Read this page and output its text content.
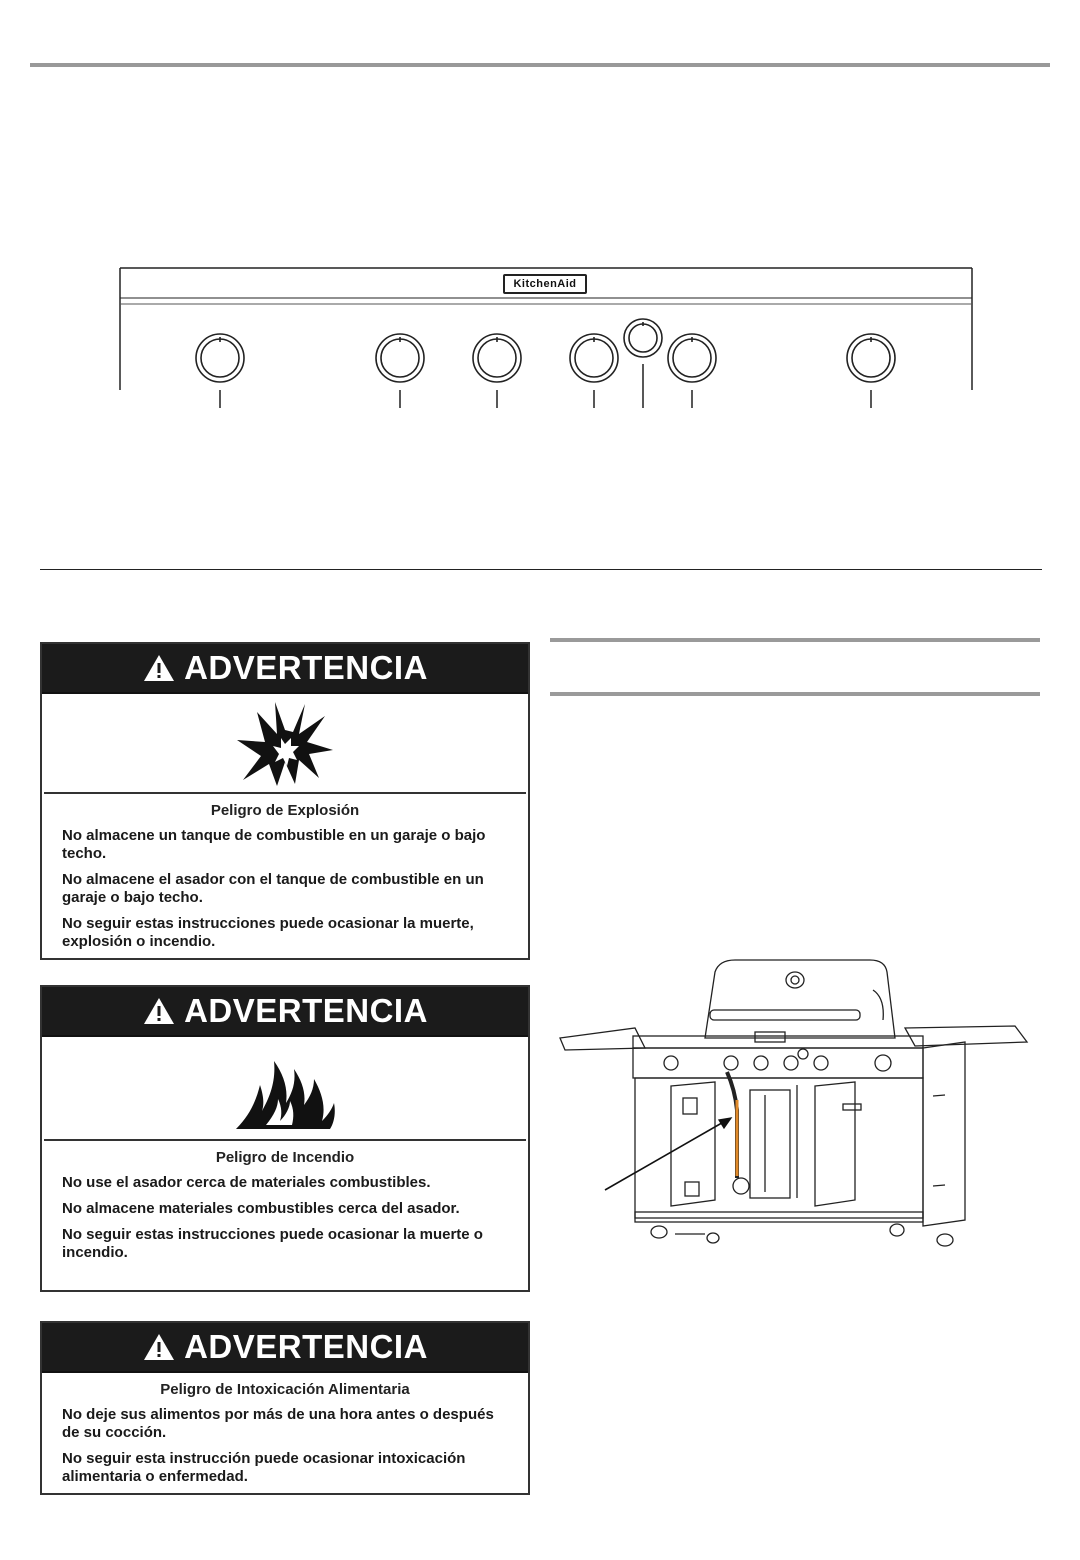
KitchenAid
ADVERTENCIA

Peligro de Explosión

No almacene un tanque de combustible en un garaje o bajo techo.

No almacene el asador con el tanque de combustible en un garaje o bajo techo.

No seguir estas instrucciones puede ocasionar la muerte, explosión o incendio.

ADVERTENCIA

Peligro de Incendio

No use el asador cerca de materiales combustibles.

No almacene materiales combustibles cerca del asador.

No seguir estas instrucciones puede ocasionar la muerte o incendio.

ADVERTENCIA

Peligro de Intoxicación Alimentaria

No deje sus alimentos por más de una hora antes o después de su cocción.

No seguir esta instrucción puede ocasionar intoxicación alimentaria o enfermedad.
